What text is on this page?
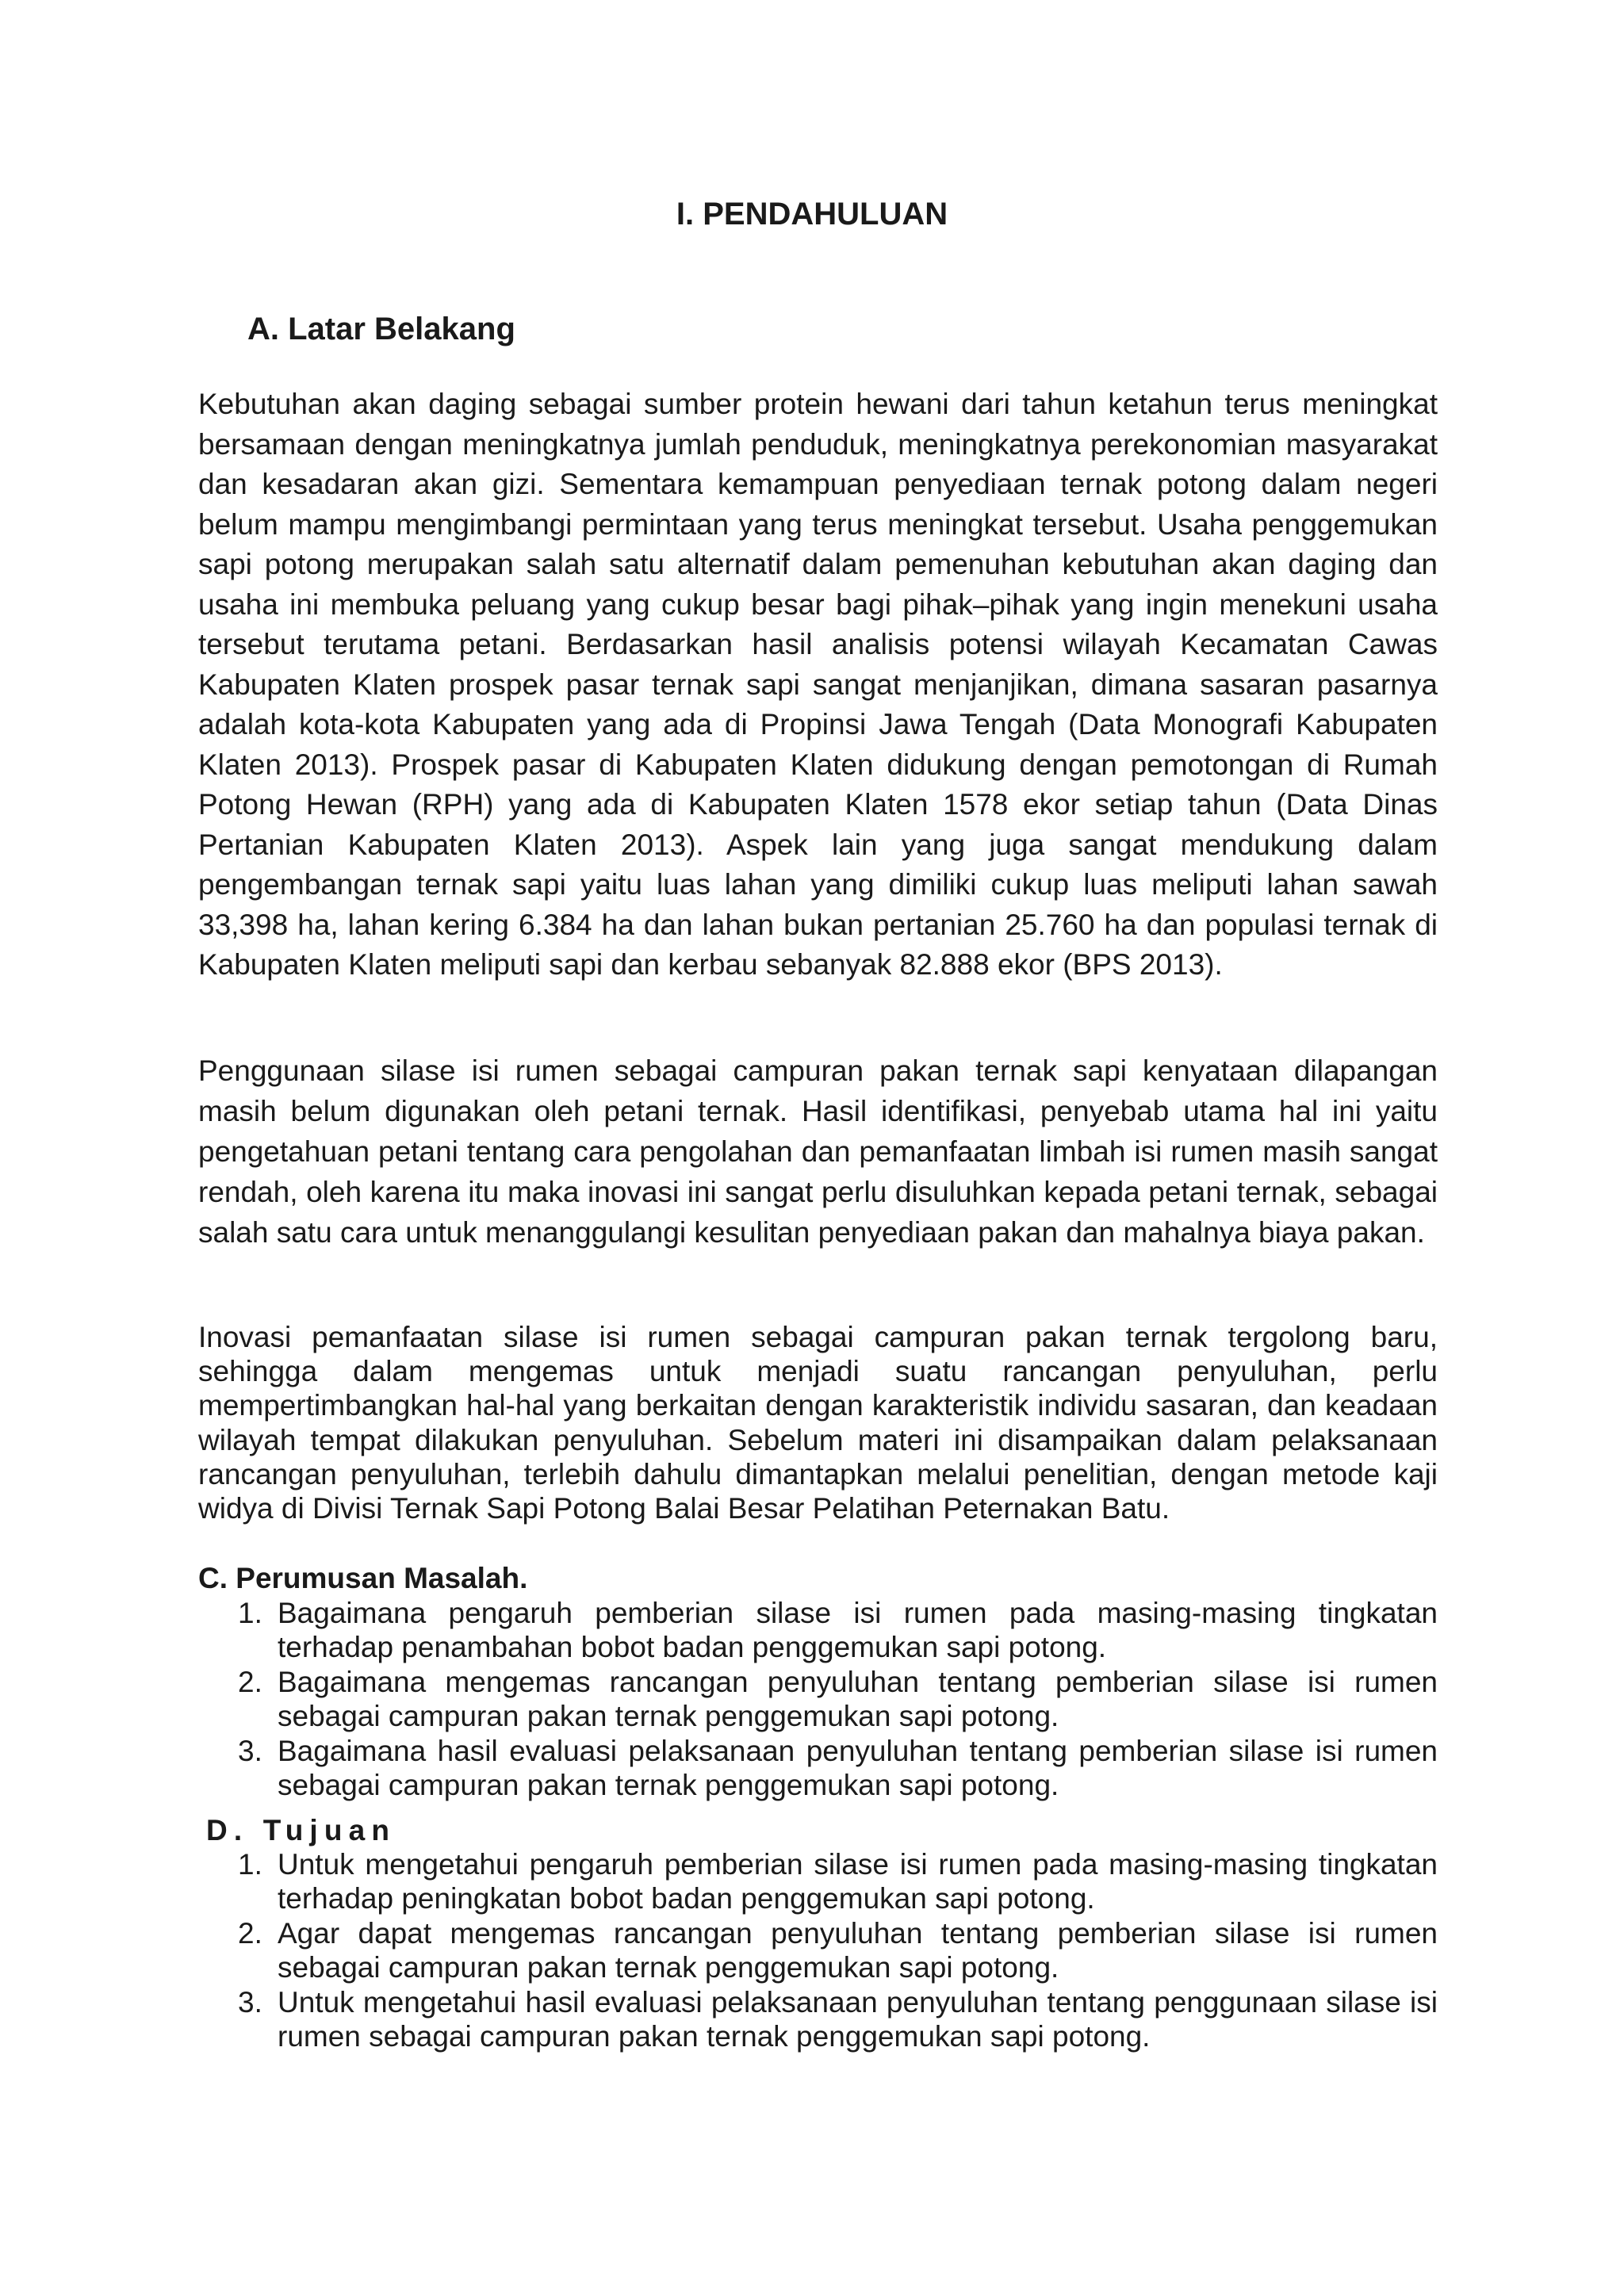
I. PENDAHULUAN
A. Latar Belakang

Kebutuhan akan daging sebagai sumber protein hewani dari tahun ketahun terus meningkat bersamaan dengan meningkatnya jumlah penduduk, meningkatnya perekonomian masyarakat dan kesadaran akan gizi. Sementara kemampuan penyediaan ternak potong dalam negeri belum mampu mengimbangi permintaan yang terus meningkat tersebut. Usaha penggemukan sapi potong merupakan salah satu alternatif dalam pemenuhan kebutuhan akan daging dan usaha ini membuka peluang yang cukup besar bagi pihak–pihak yang ingin menekuni usaha tersebut terutama petani. Berdasarkan hasil analisis potensi wilayah Kecamatan Cawas Kabupaten Klaten prospek pasar ternak sapi sangat menjanjikan, dimana sasaran pasarnya adalah kota-kota Kabupaten yang ada di Propinsi Jawa Tengah (Data Monografi Kabupaten Klaten 2013). Prospek pasar di Kabupaten Klaten didukung dengan pemotongan di Rumah Potong Hewan (RPH) yang ada di Kabupaten Klaten 1578 ekor setiap tahun (Data Dinas Pertanian Kabupaten Klaten 2013). Aspek lain yang juga sangat mendukung dalam pengembangan ternak sapi yaitu luas lahan yang dimiliki cukup luas meliputi lahan sawah 33,398 ha, lahan kering 6.384 ha dan lahan bukan pertanian 25.760 ha dan populasi ternak di Kabupaten Klaten meliputi sapi dan kerbau sebanyak 82.888 ekor (BPS 2013).

Penggunaan silase isi rumen sebagai campuran pakan ternak sapi kenyataan dilapangan masih belum digunakan oleh petani ternak. Hasil identifikasi, penyebab utama hal ini yaitu pengetahuan petani tentang cara pengolahan dan pemanfaatan limbah isi rumen masih sangat rendah, oleh karena itu maka inovasi ini sangat perlu disuluhkan kepada petani ternak, sebagai salah satu cara untuk menanggulangi kesulitan penyediaan pakan dan mahalnya biaya pakan.

Inovasi pemanfaatan silase isi rumen sebagai campuran pakan ternak tergolong baru, sehingga dalam mengemas untuk menjadi suatu rancangan penyuluhan, perlu mempertimbangkan hal-hal yang berkaitan dengan karakteristik individu sasaran, dan keadaan wilayah tempat dilakukan penyuluhan. Sebelum materi ini disampaikan dalam pelaksanaan rancangan penyuluhan, terlebih dahulu dimantapkan melalui penelitian, dengan metode kaji widya di Divisi Ternak Sapi Potong Balai Besar Pelatihan Peternakan Batu.

C. Perumusan Masalah.
1. Bagaimana pengaruh pemberian silase isi rumen pada masing-masing tingkatan terhadap penambahan bobot badan penggemukan sapi potong.
2. Bagaimana mengemas rancangan penyuluhan tentang pemberian silase isi rumen sebagai campuran pakan ternak penggemukan sapi potong.
3. Bagaimana hasil evaluasi pelaksanaan penyuluhan tentang pemberian silase isi rumen sebagai campuran pakan ternak penggemukan sapi potong.
D. Tujuan
1. Untuk mengetahui pengaruh pemberian silase isi rumen pada masing-masing tingkatan terhadap peningkatan bobot badan penggemukan sapi potong.
2. Agar dapat mengemas rancangan penyuluhan tentang pemberian silase isi rumen sebagai campuran pakan ternak penggemukan sapi potong.
3. Untuk mengetahui hasil evaluasi pelaksanaan penyuluhan tentang penggunaan silase isi rumen sebagai campuran pakan ternak penggemukan sapi potong.
